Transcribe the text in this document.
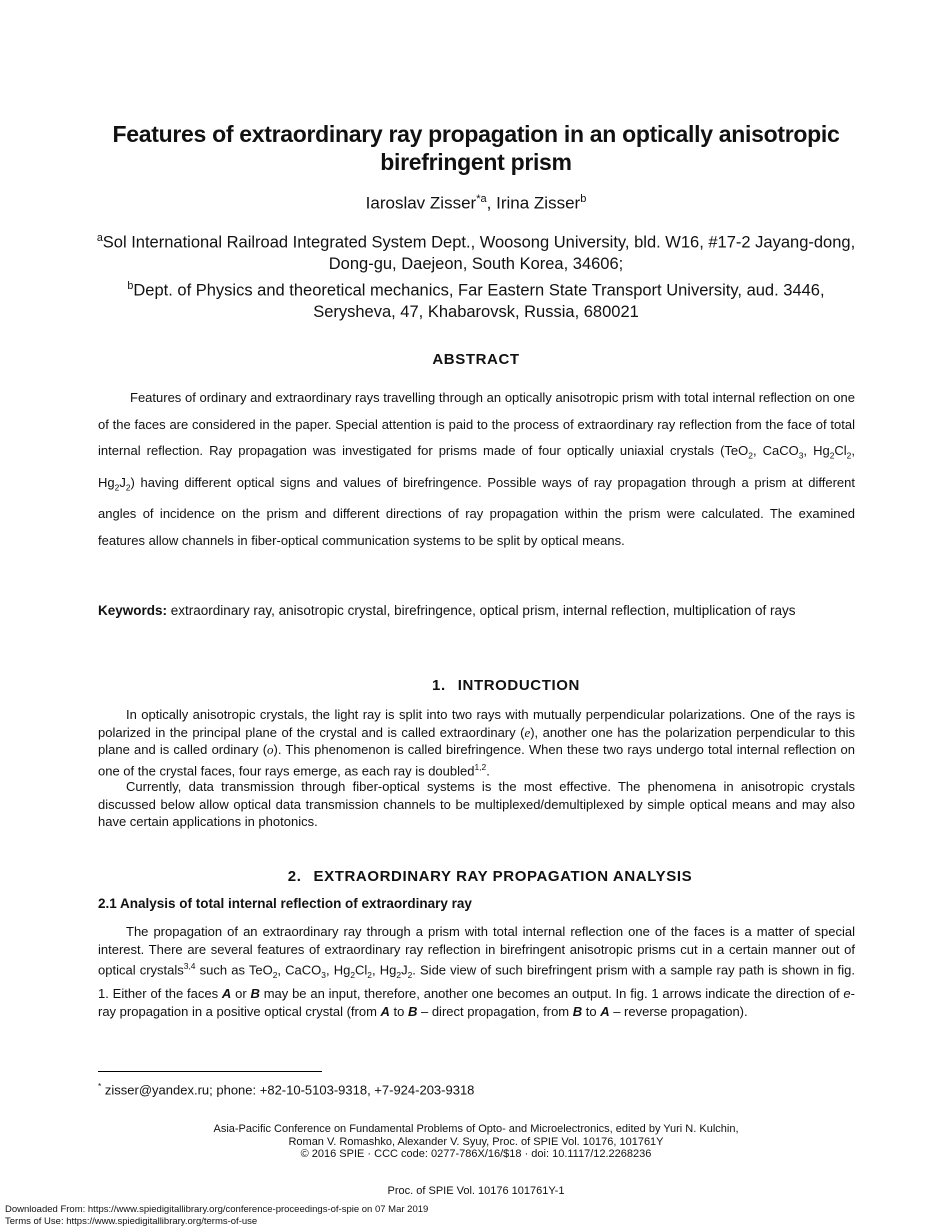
Features of extraordinary ray propagation in an optically anisotropic
birefringent prism
Iaroslav Zisser$^{*a}$, Irina Zisser$^b$
$^a$Sol International Railroad Integrated System Dept., Woosong University, bld. W16, #17-2 Jayang-dong, Dong-gu, Daejeon, South Korea, 34606;
$^b$Dept. of Physics and theoretical mechanics, Far Eastern State Transport University, aud. 3446, Serysheva, 47, Khabarovsk, Russia, 680021
ABSTRACT
Features of ordinary and extraordinary rays travelling through an optically anisotropic prism with total internal reflection on one of the faces are considered in the paper. Special attention is paid to the process of extraordinary ray reflection from the face of total internal reflection. Ray propagation was investigated for prisms made of four optically uniaxial crystals (TeO$_2$, CaCO$_3$, $Hg_2Cl_2$, $Hg_2J_2$) having different optical signs and values of birefringence. Possible ways of ray propagation through a prism at different angles of incidence on the prism and different directions of ray propagation within the prism were calculated. The examined features allow channels in fiber-optical communication systems to be split by optical means.
Keywords: extraordinary ray, anisotropic crystal, birefringence, optical prism, internal reflection, multiplication of rays
1. INTRODUCTION
In optically anisotropic crystals, the light ray is split into two rays with mutually perpendicular polarizations. One of the rays is polarized in the principal plane of the crystal and is called extraordinary (e), another one has the polarization perpendicular to this plane and is called ordinary (o). This phenomenon is called birefringence. When these two rays undergo total internal reflection on one of the crystal faces, four rays emerge, as each ray is doubled$^{1,2}$.
Currently, data transmission through fiber-optical systems is the most effective. The phenomena in anisotropic crystals discussed below allow optical data transmission channels to be multiplexed/demultiplexed by simple optical means and may also have certain applications in photonics.
2. EXTRAORDINARY RAY PROPAGATION ANALYSIS
2.1 Analysis of total internal reflection of extraordinary ray
The propagation of an extraordinary ray through a prism with total internal reflection one of the faces is a matter of special interest. There are several features of extraordinary ray reflection in birefringent anisotropic prisms cut in a certain manner out of optical crystals$^{3,4}$ such as TeO$_2$, CaCO$_3$, $Hg_2Cl_2$, $Hg_2J_2$. Side view of such birefringent prism with a sample ray path is shown in fig. 1. Either of the faces A or B may be an input, therefore, another one becomes an output. In fig. 1 arrows indicate the direction of e-ray propagation in a positive optical crystal (from A to B – direct propagation, from B to A – reverse propagation).
* zisser@yandex.ru; phone: +82-10-5103-9318, +7-924-203-9318
Asia-Pacific Conference on Fundamental Problems of Opto- and Microelectronics, edited by Yuri N. Kulchin,
Roman V. Romashko, Alexander V. Syuy, Proc. of SPIE Vol. 10176, 101761Y
© 2016 SPIE · CCC code: 0277-786X/16/$18 · doi: 10.1117/12.2268236
Proc. of SPIE Vol. 10176 101761Y-1
Downloaded From: https://www.spiedigitallibrary.org/conference-proceedings-of-spie on 07 Mar 2019
Terms of Use: https://www.spiedigitallibrary.org/terms-of-use
